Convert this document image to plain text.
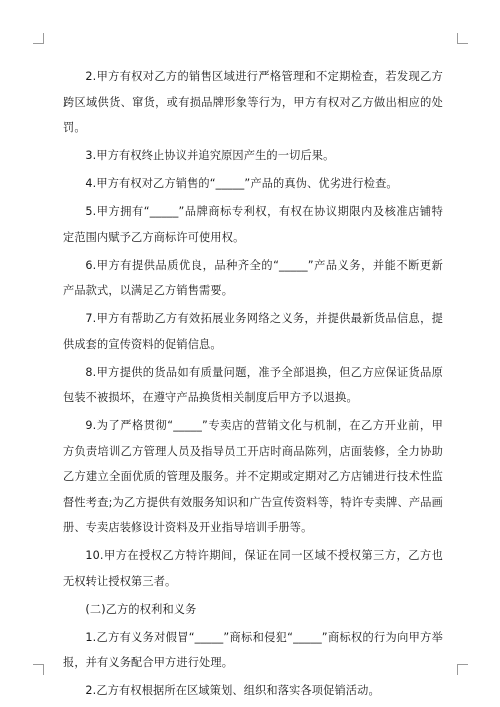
2.甲方有权对乙方的销售区域进行严格管理和不定期检查，若发现乙方跨区域供货、窜货，或有损品牌形象等行为，甲方有权对乙方做出相应的处罚。

3.甲方有权终止协议并追究原因产生的一切后果。

4.甲方有权对乙方销售的“_____”产品的真伪、优劣进行检查。

5.甲方拥有“_____”品牌商标专利权，有权在协议期限内及核准店铺特定范围内赋予乙方商标许可使用权。

6.甲方有提供品质优良，品种齐全的“_____”产品义务，并能不断更新产品款式，以满足乙方销售需要。

7.甲方有帮助乙方有效拓展业务网络之义务，并提供最新货品信息，提供成套的宣传资料的促销信息。

8.甲方提供的货品如有质量问题，准予全部退换，但乙方应保证货品原包装不被损坏，在遵守产品换货相关制度后甲方予以退换。

9.为了严格贯彻“_____”专卖店的营销文化与机制，在乙方开业前，甲方负责培训乙方管理人员及指导员工开店时商品陈列，店面装修，全力协助乙方建立全面优质的管理及服务。并不定期或定期对乙方店铺进行技术性监督性考查;为乙方提供有效服务知识和广告宣传资料等，特许专卖牌、产品画册、专卖店装修设计资料及开业指导培训手册等。

10.甲方在授权乙方特许期间，保证在同一区域不授权第三方，乙方也无权转让授权第三者。

(二)乙方的权利和义务

1.乙方有义务对假冒“_____”商标和侵犯“_____”商标权的行为向甲方举报，并有义务配合甲方进行处理。

2.乙方有权根据所在区域策划、组织和落实各项促销活动。
